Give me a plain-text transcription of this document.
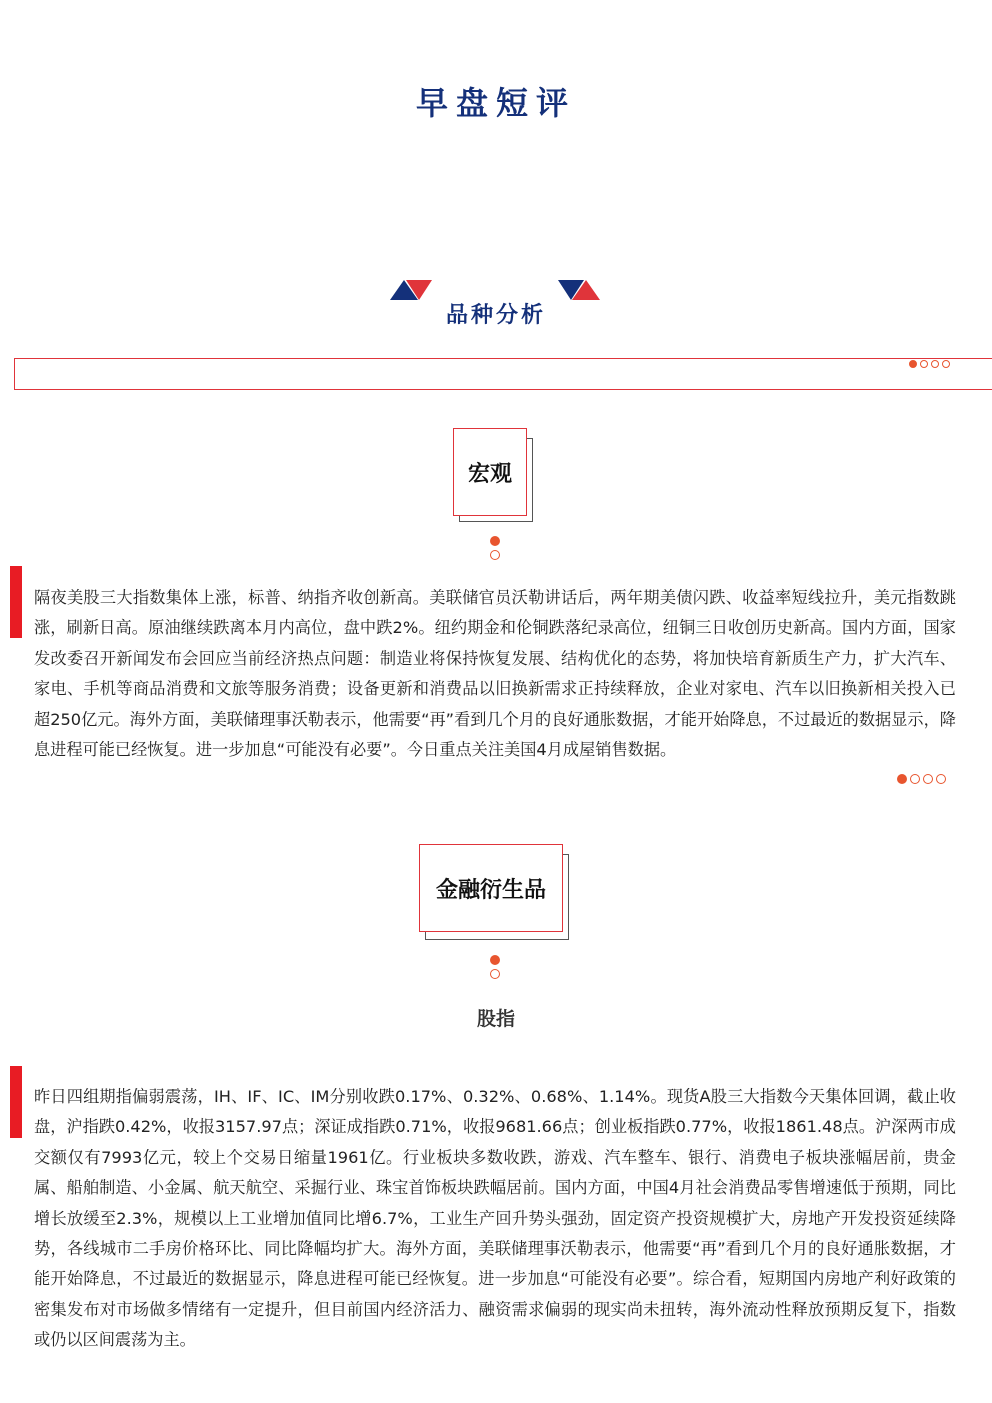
早盘短评
品种分析
宏观

隔夜美股三大指数集体上涨，标普、纳指齐收创新高。美联储官员沃勒讲话后，两年期美债闪跌、收益率短线拉升，美元指数跳涨，刷新日高。原油继续跌离本月内高位，盘中跌2%。纽约期金和伦铜跌落纪录高位，纽铜三日收创历史新高。国内方面，国家发改委召开新闻发布会回应当前经济热点问题：制造业将保持恢复发展、结构优化的态势，将加快培育新质生产力，扩大汽车、家电、手机等商品消费和文旅等服务消费；设备更新和消费品以旧换新需求正持续释放，企业对家电、汽车以旧换新相关投入已超250亿元。海外方面，美联储理事沃勒表示，他需要“再”看到几个月的良好通胀数据，才能开始降息，不过最近的数据显示，降息进程可能已经恢复。进一步加息“可能没有必要”。今日重点关注美国4月成屋销售数据。

金融衍生品
股指

昨日四组期指偏弱震荡，IH、IF、IC、IM分别收跌0.17%、0.32%、0.68%、1.14%。现货A股三大指数今天集体回调，截止收盘，沪指跌0.42%，收报3157.97点；深证成指跌0.71%，收报9681.66点；创业板指跌0.77%，收报1861.48点。沪深两市成交额仅有7993亿元，较上个交易日缩量1961亿。行业板块多数收跌，游戏、汽车整车、银行、消费电子板块涨幅居前，贵金属、船舶制造、小金属、航天航空、采掘行业、珠宝首饰板块跌幅居前。国内方面，中国4月社会消费品零售增速低于预期，同比增长放缓至2.3%，规模以上工业增加值同比增6.7%，工业生产回升势头强劲，固定资产投资规模扩大，房地产开发投资延续降势，各线城市二手房价格环比、同比降幅均扩大。海外方面，美联储理事沃勒表示，他需要“再”看到几个月的良好通胀数据，才能开始降息，不过最近的数据显示，降息进程可能已经恢复。进一步加息“可能没有必要”。综合看，短期国内房地产利好政策的密集发布对市场做多情绪有一定提升，但目前国内经济活力、融资需求偏弱的现实尚未扭转，海外流动性释放预期反复下，指数或仍以区间震荡为主。
